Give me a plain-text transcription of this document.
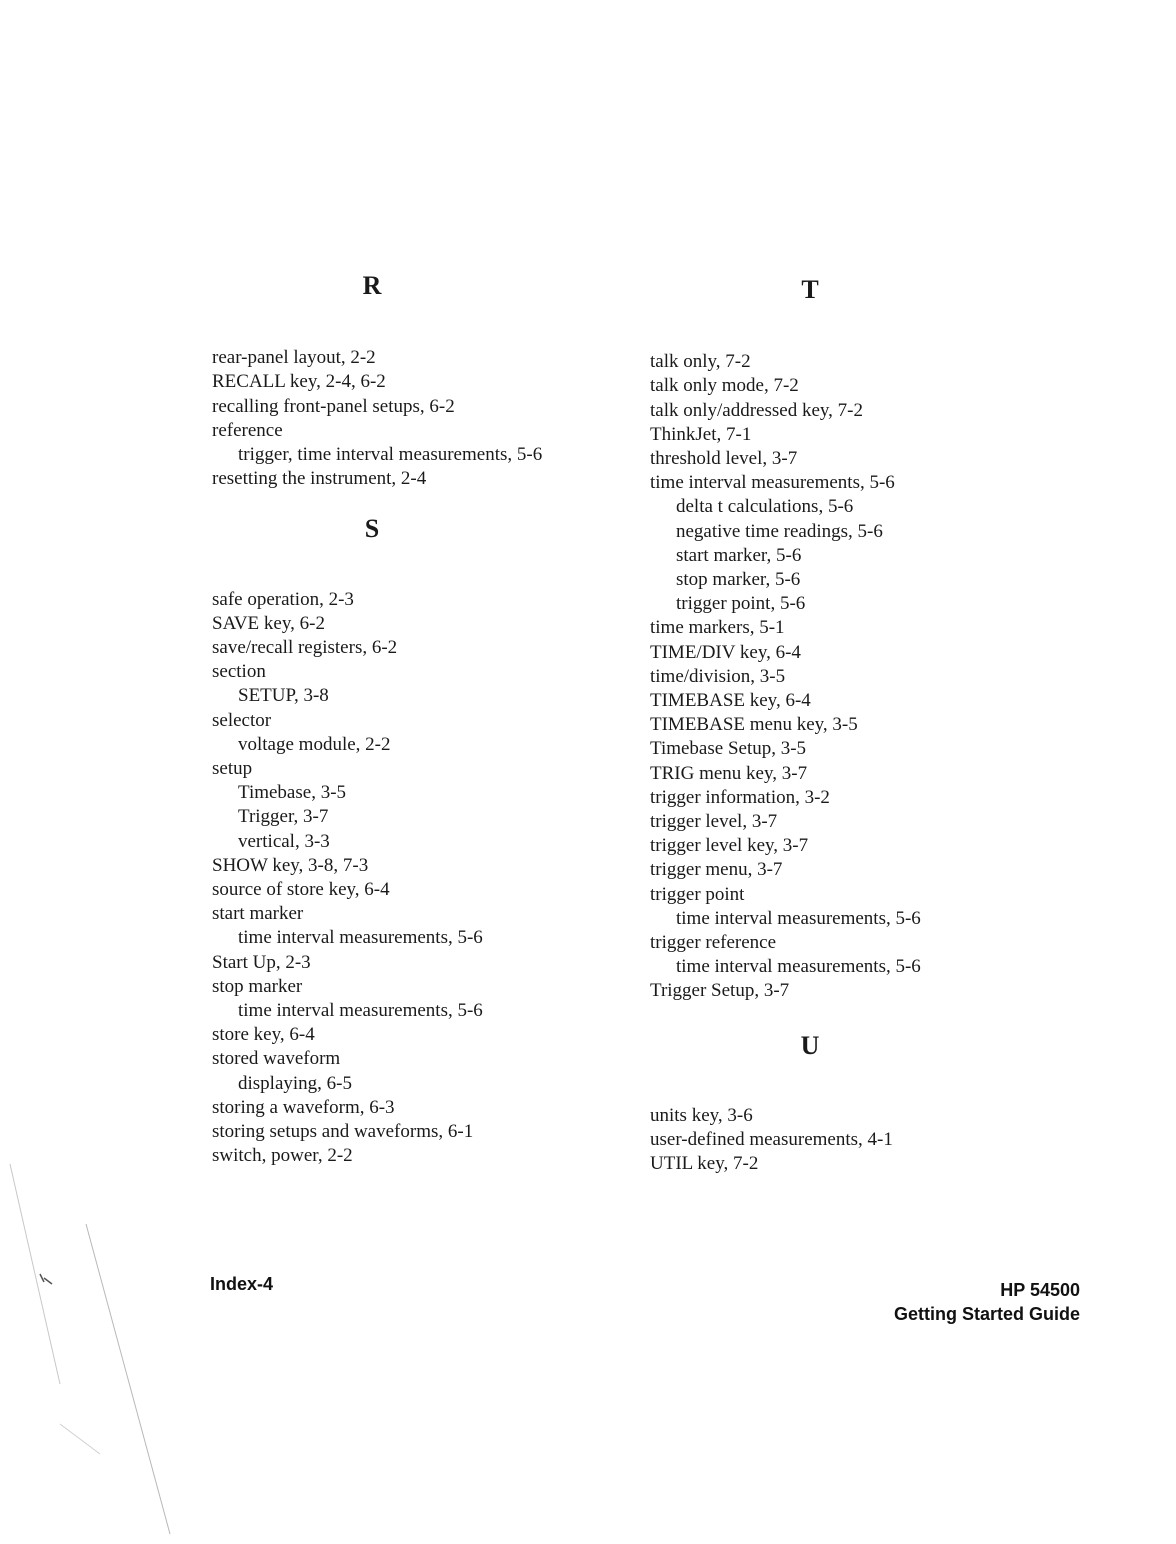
R
rear-panel layout, 2-2
RECALL key, 2-4, 6-2
recalling front-panel setups, 6-2
reference
trigger, time interval measurements, 5-6
resetting the instrument, 2-4
S
safe operation, 2-3
SAVE key, 6-2
save/recall registers, 6-2
section
SETUP, 3-8
selector
voltage module, 2-2
setup
Timebase, 3-5
Trigger, 3-7
vertical, 3-3
SHOW key, 3-8, 7-3
source of store key, 6-4
start marker
time interval measurements, 5-6
Start Up, 2-3
stop marker
time interval measurements, 5-6
store key, 6-4
stored waveform
displaying, 6-5
storing a waveform, 6-3
storing setups and waveforms, 6-1
switch, power, 2-2
T
talk only, 7-2
talk only mode, 7-2
talk only/addressed key, 7-2
ThinkJet, 7-1
threshold level, 3-7
time interval measurements, 5-6
delta t calculations, 5-6
negative time readings, 5-6
start marker, 5-6
stop marker, 5-6
trigger point, 5-6
time markers, 5-1
TIME/DIV key, 6-4
time/division, 3-5
TIMEBASE key, 6-4
TIMEBASE menu key, 3-5
Timebase Setup, 3-5
TRIG menu key, 3-7
trigger information, 3-2
trigger level, 3-7
trigger level key, 3-7
trigger menu, 3-7
trigger point
time interval measurements, 5-6
trigger reference
time interval measurements, 5-6
Trigger Setup, 3-7
U
units key, 3-6
user-defined measurements, 4-1
UTIL key, 7-2
Index-4	HP 54500
Getting Started Guide
